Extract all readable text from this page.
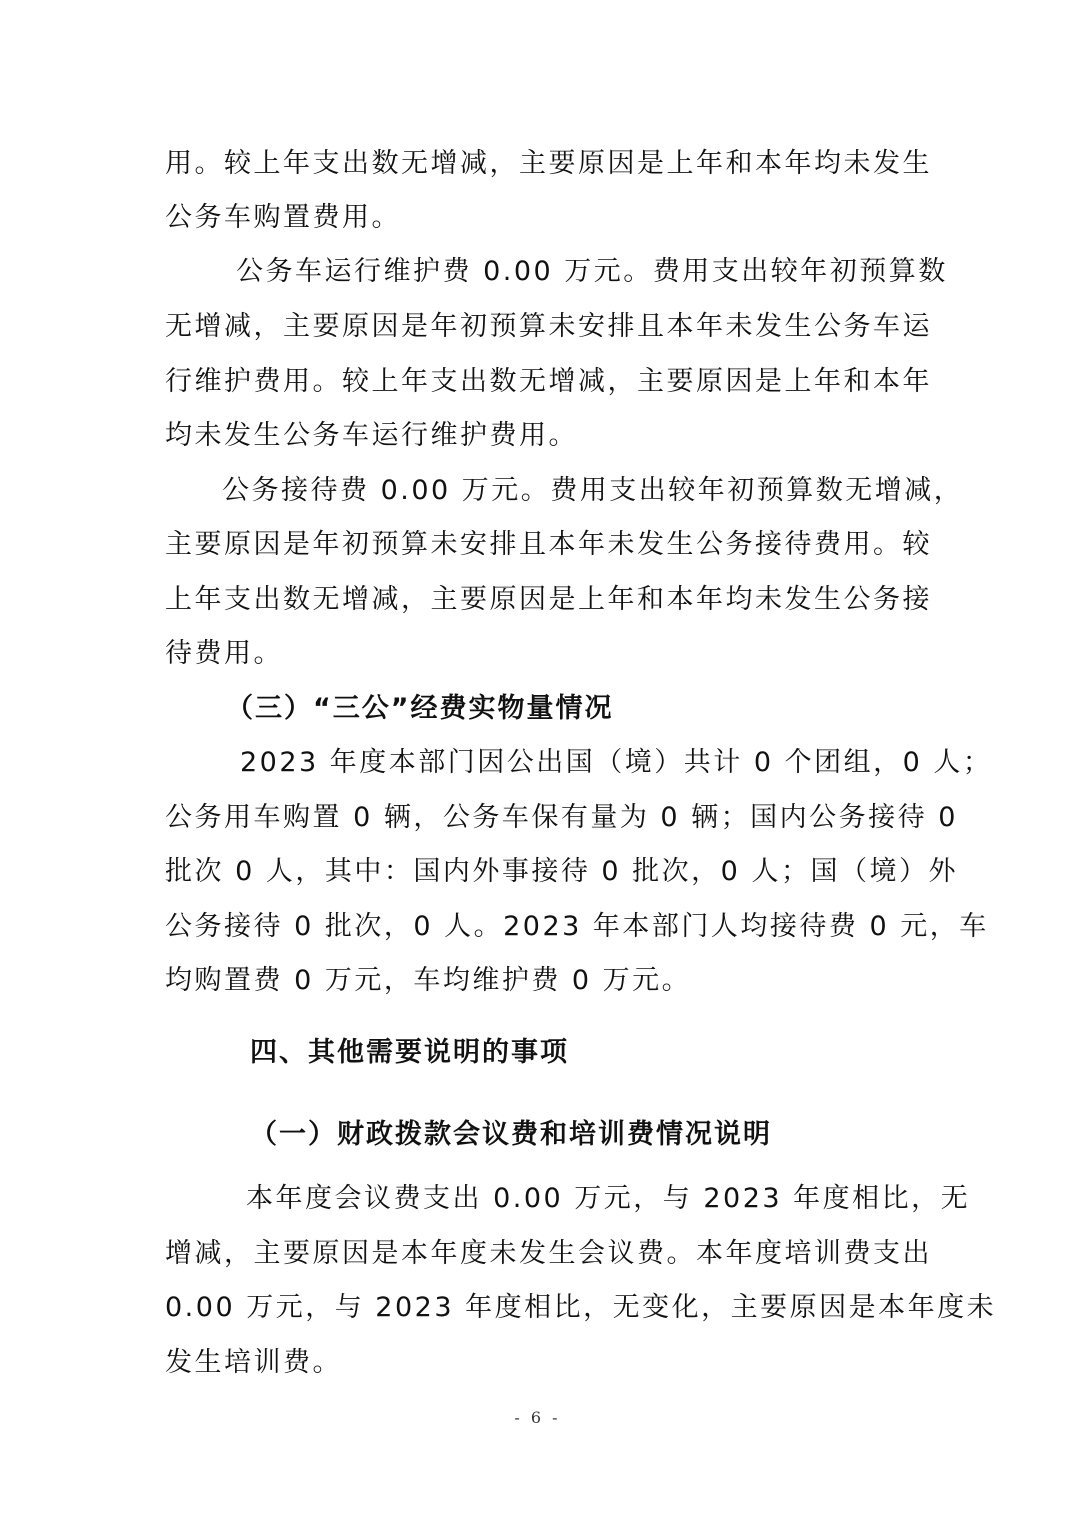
用。较上年支出数无增减，主要原因是上年和本年均未发生
公务车购置费用。
公务车运行维护费 0.00 万元。费用支出较年初预算数
无增减，主要原因是年初预算未安排且本年未发生公务车运
行维护费用。较上年支出数无增减，主要原因是上年和本年
均未发生公务车运行维护费用。
公务接待费 0.00 万元。费用支出较年初预算数无增减，
主要原因是年初预算未安排且本年未发生公务接待费用。较
上年支出数无增减，主要原因是上年和本年均未发生公务接
待费用。
（三）“三公”经费实物量情况
2023 年度本部门因公出国（境）共计 0 个团组，0 人；
公务用车购置 0 辆，公务车保有量为 0 辆；国内公务接待 0
批次 0 人，其中：国内外事接待 0 批次，0 人；国（境）外
公务接待 0 批次，0 人。2023 年本部门人均接待费 0 元，车
均购置费 0 万元，车均维护费 0 万元。
四、其他需要说明的事项
（一）财政拨款会议费和培训费情况说明
本年度会议费支出 0.00 万元，与 2023 年度相比，无
增减，主要原因是本年度未发生会议费。本年度培训费支出
0.00 万元，与 2023 年度相比，无变化，主要原因是本年度未
发生培训费。
- 6 -
